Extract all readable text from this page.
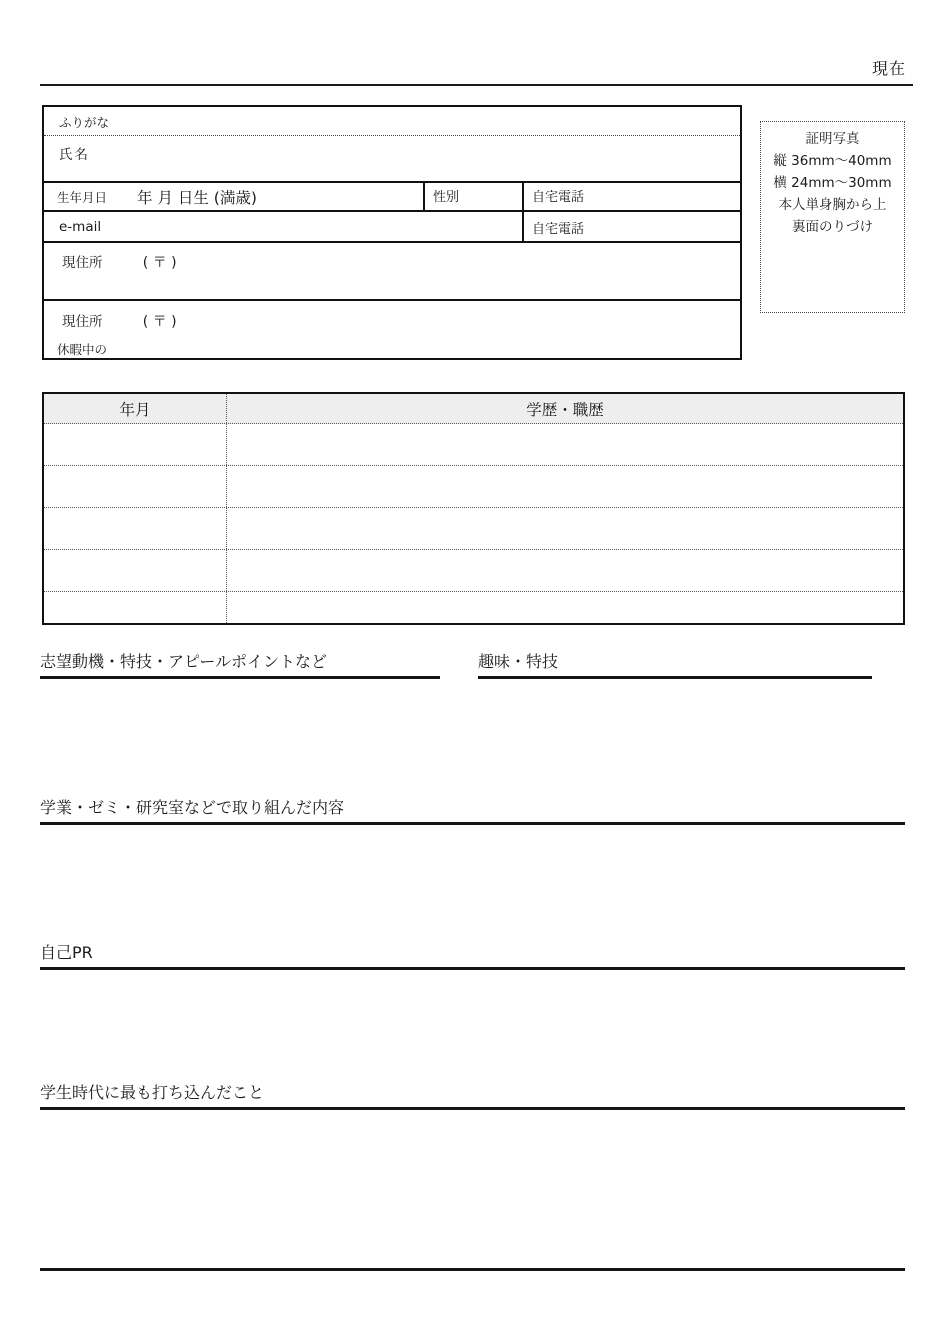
現在
ふりがな
氏名
生年月日 年 月 日生 (満歳)	性別	自宅電話
e-mail	自宅電話
現住所	( 〒 )
現住所	( 〒 )
休暇中の
証明写真
縦 36mm〜40mm
横 24mm〜30mm
本人単身胸から上
裏面のりづけ
年月	学歴・職歴
志望動機・特技・アピールポイントなど	趣味・特技
学業・ゼミ・研究室などで取り組んだ内容
自己PR
学生時代に最も打ち込んだこと
